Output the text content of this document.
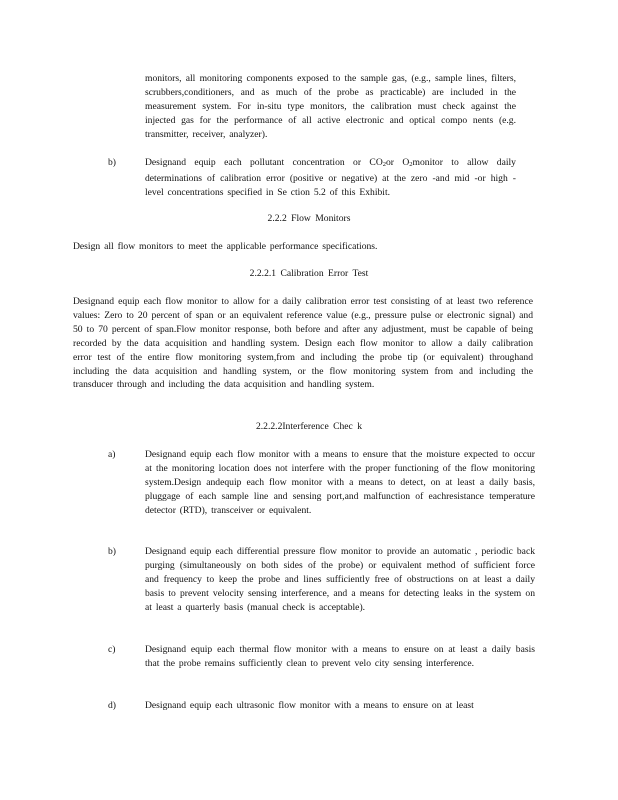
monitors, all monitoring components exposed to the sample gas, (e.g., sample lines, filters, scrubbers,conditioners, and as much of the probe as practicable) are included in the measurement system. For in-situ type monitors, the calibration must check against the injected gas for the performance of all active electronic and optical compo nents (e.g. transmitter, receiver, analyzer).
b)	Designand equip each pollutant concentration or CO2or O2monitor to allow daily determinations of calibration error (positive or negative) at the zero -and mid -or high -level concentrations specified in Se ction 5.2 of this Exhibit.
2.2.2 Flow Monitors
Design all flow monitors to meet the applicable performance specifications.
2.2.2.1 Calibration Error Test
Designand equip each flow monitor to allow for a daily calibration error test consisting of at least two reference values: Zero to 20 percent of span or an equivalent reference value (e.g., pressure pulse or electronic signal) and 50 to 70 percent of span.Flow monitor response, both before and after any adjustment, must be capable of being recorded by the data acquisition and handling system. Design each flow monitor to allow a daily calibration error test of the entire flow monitoring system,from and including the probe tip (or equivalent) throughand including the data acquisition and handling system, or the flow monitoring system from and including the transducer through and including the data acquisition and handling system.
2.2.2.2Interference Chec k
a)	Designand equip each flow monitor with a means to ensure that the moisture expected to occur at the monitoring location does not interfere with the proper functioning of the flow monitoring system.Design andequip each flow monitor with a means to detect, on at least a daily basis, pluggage of each sample line and sensing port,and malfunction of eachresistance temperature detector (RTD), transceiver or equivalent.
b)	Designand equip each differential pressure flow monitor to provide an automatic , periodic back purging (simultaneously on both sides of the probe) or equivalent method of sufficient force and frequency to keep the probe and lines sufficiently free of obstructions on at least a daily basis to prevent velocity sensing interference, and a means for detecting leaks in the system on at least a quarterly basis (manual check is acceptable).
c)	Designand equip each thermal flow monitor with a means to ensure on at least a daily basis that the probe remains sufficiently clean to prevent velo city sensing interference.
d)	Designand equip each ultrasonic flow monitor with a means to ensure on at least
